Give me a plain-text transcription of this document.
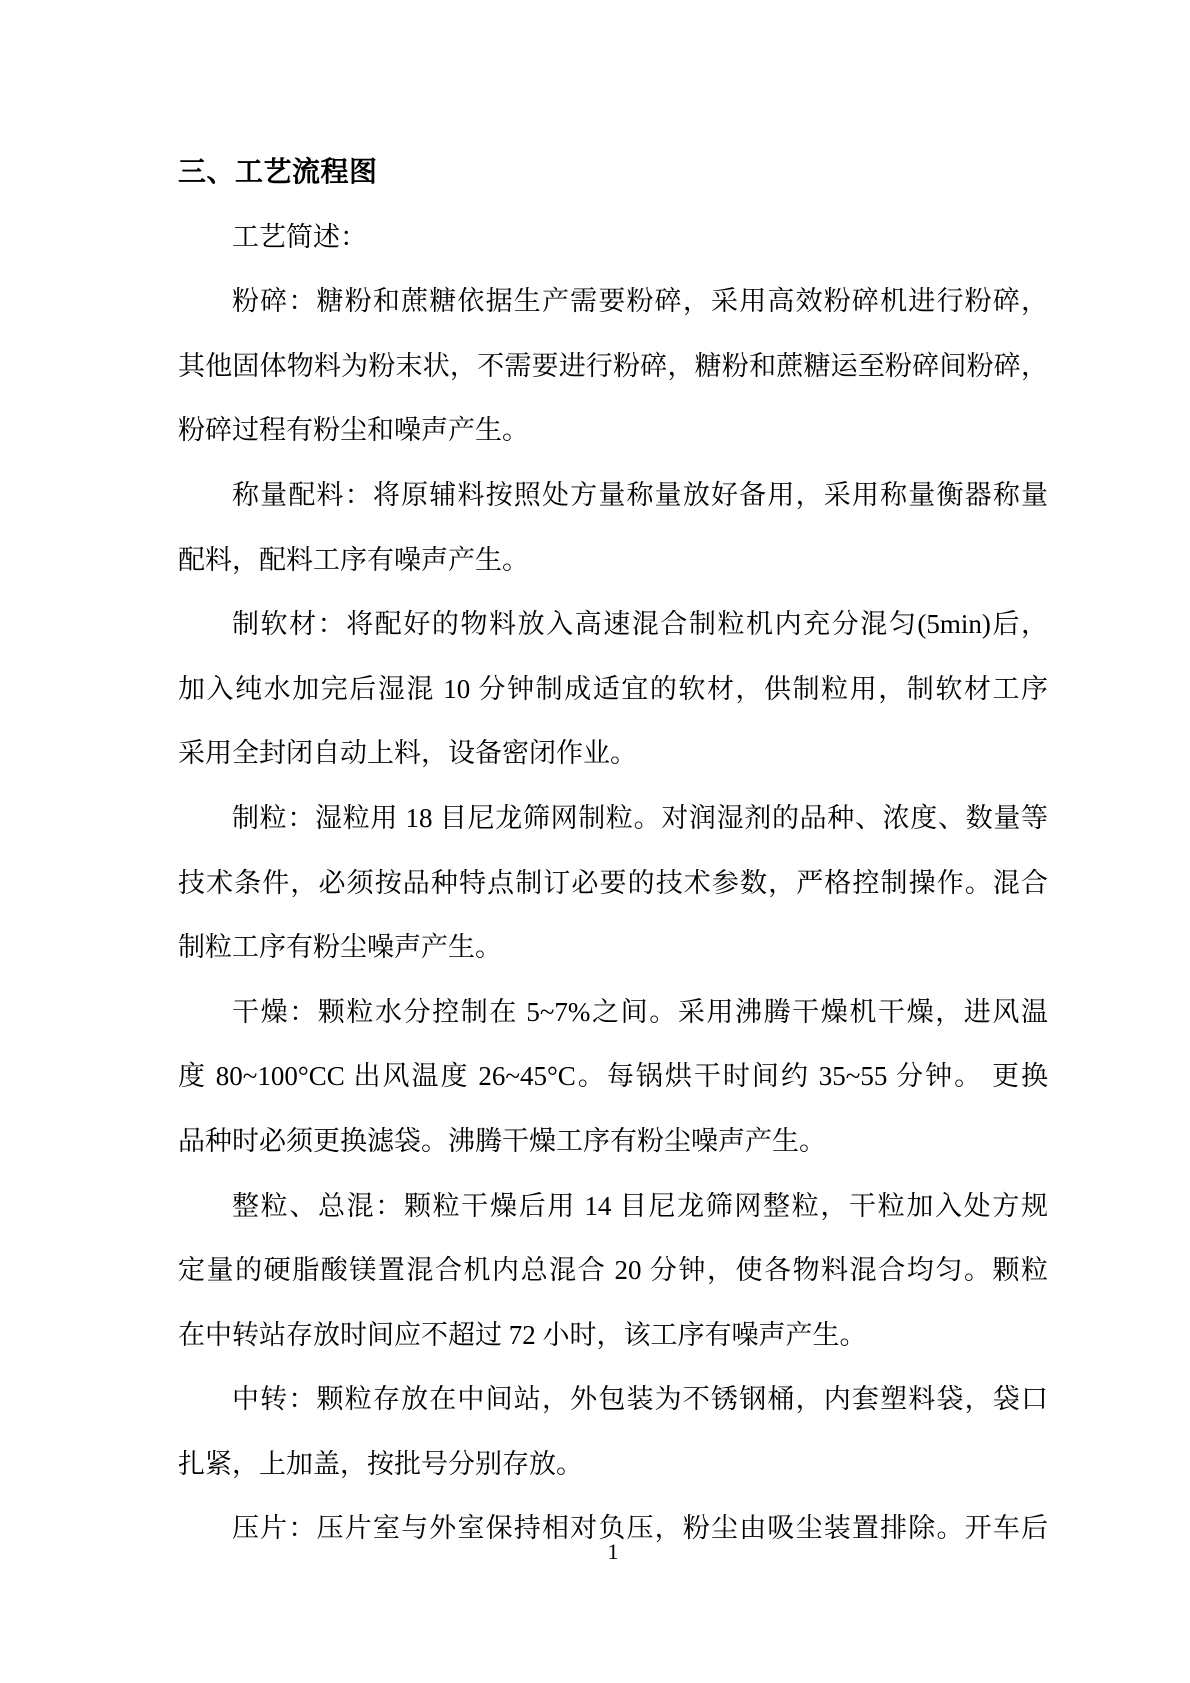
三、工艺流程图
工艺简述：
粉碎：糖粉和蔗糖依据生产需要粉碎，采用高效粉碎机进行粉碎，
其他固体物料为粉末状，不需要进行粉碎，糖粉和蔗糖运至粉碎间粉碎，
粉碎过程有粉尘和噪声产生。
称量配料：将原辅料按照处方量称量放好备用，采用称量衡器称量
配料，配料工序有噪声产生。
制软材：将配好的物料放入高速混合制粒机内充分混匀(5min)后，
加入纯水加完后湿混 10 分钟制成适宜的软材，供制粒用，制软材工序
采用全封闭自动上料，设备密闭作业。
制粒：湿粒用 18 目尼龙筛网制粒。对润湿剂的品种、浓度、数量等
技术条件，必须按品种特点制订必要的技术参数，严格控制操作。混合
制粒工序有粉尘噪声产生。
干燥：颗粒水分控制在 5~7%之间。采用沸腾干燥机干燥，进风温
度 80~100°CC 出风温度 26~45°C。每锅烘干时间约 35~55 分钟。 更换
品种时必须更换滤袋。沸腾干燥工序有粉尘噪声产生。
整粒、总混：颗粒干燥后用 14 目尼龙筛网整粒，干粒加入处方规
定量的硬脂酸镁置混合机内总混合 20 分钟，使各物料混合均匀。颗粒
在中转站存放时间应不超过 72 小时，该工序有噪声产生。
中转：颗粒存放在中间站，外包装为不锈钢桶，内套塑料袋，袋口
扎紧，上加盖，按批号分别存放。
压片：压片室与外室保持相对负压，粉尘由吸尘装置排除。开车后
1
